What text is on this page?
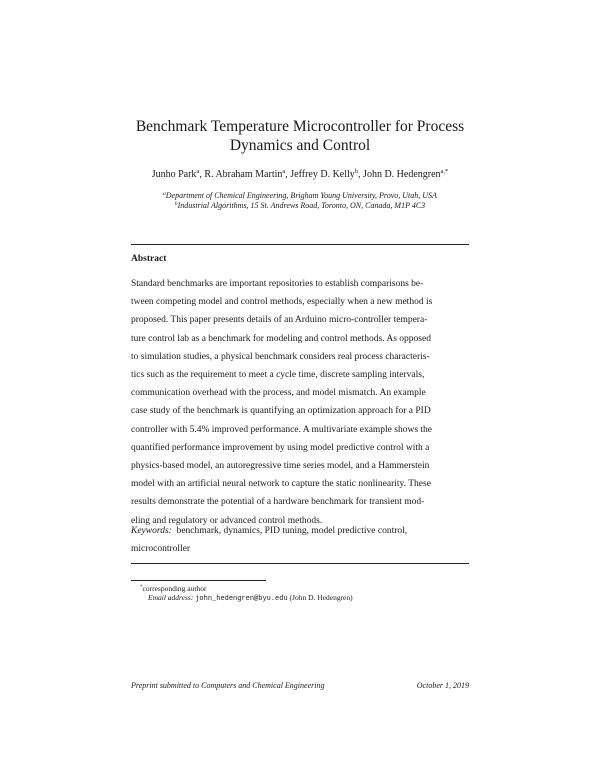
Benchmark Temperature Microcontroller for Process
Dynamics and Control
Junho Park$^a$, R. Abraham Martin$^a$, Jeffrey D. Kelly$^b$, John D. Hedengren$^{a,*}$
$^a$Department of Chemical Engineering, Brigham Young University, Provo, Utah, USA
$^b$Industrial Algorithms, 15 St. Andrews Road, Toronto, ON, Canada, M1P 4C3
Abstract
Standard benchmarks are important repositories to establish comparisons be-
tween competing model and control methods, especially when a new method is
proposed. This paper presents details of an Arduino micro-controller tempera-
ture control lab as a benchmark for modeling and control methods. As opposed
to simulation studies, a physical benchmark considers real process characteris-
tics such as the requirement to meet a cycle time, discrete sampling intervals,
communication overhead with the process, and model mismatch. An example
case study of the benchmark is quantifying an optimization approach for a PID
controller with 5.4% improved performance. A multivariate example shows the
quantified performance improvement by using model predictive control with a
physics-based model, an autoregressive time series model, and a Hammerstein
model with an artificial neural network to capture the static nonlinearity. These
results demonstrate the potential of a hardware benchmark for transient mod-
eling and regulatory or advanced control methods.
Keywords: benchmark, dynamics, PID tuning, model predictive control,
microcontroller
*corresponding author
Email address: john_hedengren@byu.edu (John D. Hedengren)
Preprint submitted to Computers and Chemical Engineering	October 1, 2019
